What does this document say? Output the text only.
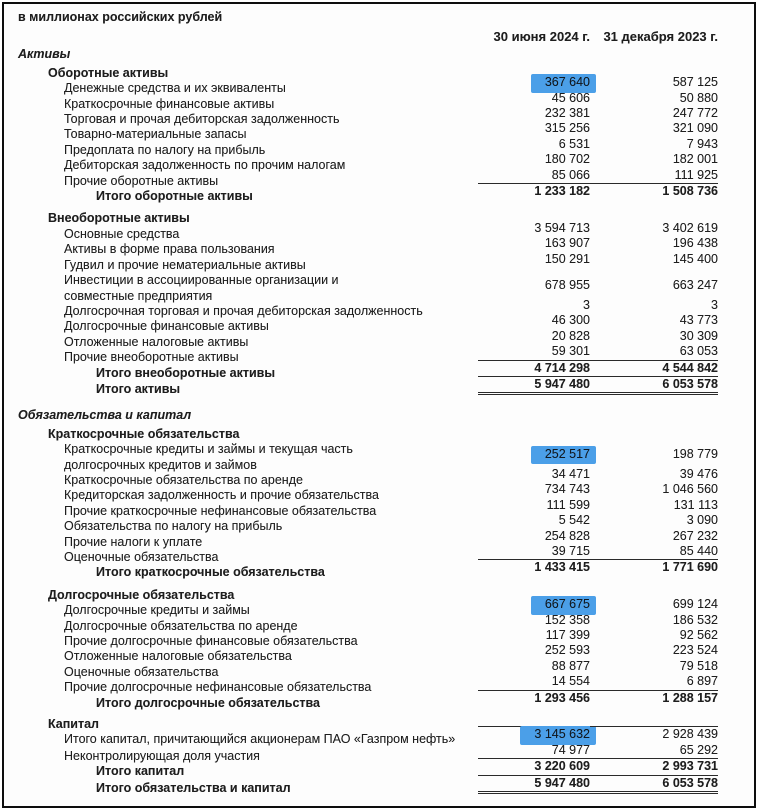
в миллионах российских рублей
30 июня 2024 г.	31 декабря 2023 г.
Активы
Оборотные активы
Денежные средства и их эквиваленты	367 640	587 125
Краткосрочные финансовые активы	45 606	50 880
Торговая и прочая дебиторская задолженность	232 381	247 772
Товарно-материальные запасы	315 256	321 090
Предоплата по налогу на прибыль	6 531	7 943
Дебиторская задолженность по прочим налогам	180 702	182 001
Прочие оборотные активы	85 066	111 925
Итого оборотные активы	1 233 182	1 508 736
Внеоборотные активы
Основные средства	3 594 713	3 402 619
Активы в форме права пользования	163 907	196 438
Гудвил и прочие нематериальные активы	150 291	145 400
Инвестиции в ассоциированные организации и
совместные предприятия
678 955	663 247
Долгосрочная торговая и прочая дебиторская задолженность	3	3
Долгосрочные финансовые активы	46 300	43 773
Отложенные налоговые активы	20 828	30 309
Прочие внеоборотные активы	59 301	63 053
Итого внеоборотные активы	4 714 298	4 544 842
Итого активы	5 947 480	6 053 578
Обязательства и капитал
Краткосрочные обязательства
Краткосрочные кредиты и займы и текущая часть
долгосрочных кредитов и займов
252 517	198 779
Краткосрочные обязательства по аренде	34 471	39 476
Кредиторская задолженность и прочие обязательства	734 743	1 046 560
Прочие краткосрочные нефинансовые обязательства	111 599	131 113
Обязательства по налогу на прибыль	5 542	3 090
Прочие налоги к уплате	254 828	267 232
Оценочные обязательства	39 715	85 440
Итого краткосрочные обязательства	1 433 415	1 771 690
Долгосрочные обязательства
Долгосрочные кредиты и займы	667 675	699 124
Долгосрочные обязательства по аренде	152 358	186 532
Прочие долгосрочные финансовые обязательства	117 399	92 562
Отложенные налоговые обязательства	252 593	223 524
Оценочные обязательства	88 877	79 518
Прочие долгосрочные нефинансовые обязательства	14 554	6 897
Итого долгосрочные обязательства	1 293 456	1 288 157
Капитал
Итого капитал, причитающийся акционерам ПАО «Газпром нефть»	3 145 632	2 928 439
Неконтролирующая доля участия	74 977	65 292
Итого капитал	3 220 609	2 993 731
Итого обязательства и капитал	5 947 480	6 053 578
